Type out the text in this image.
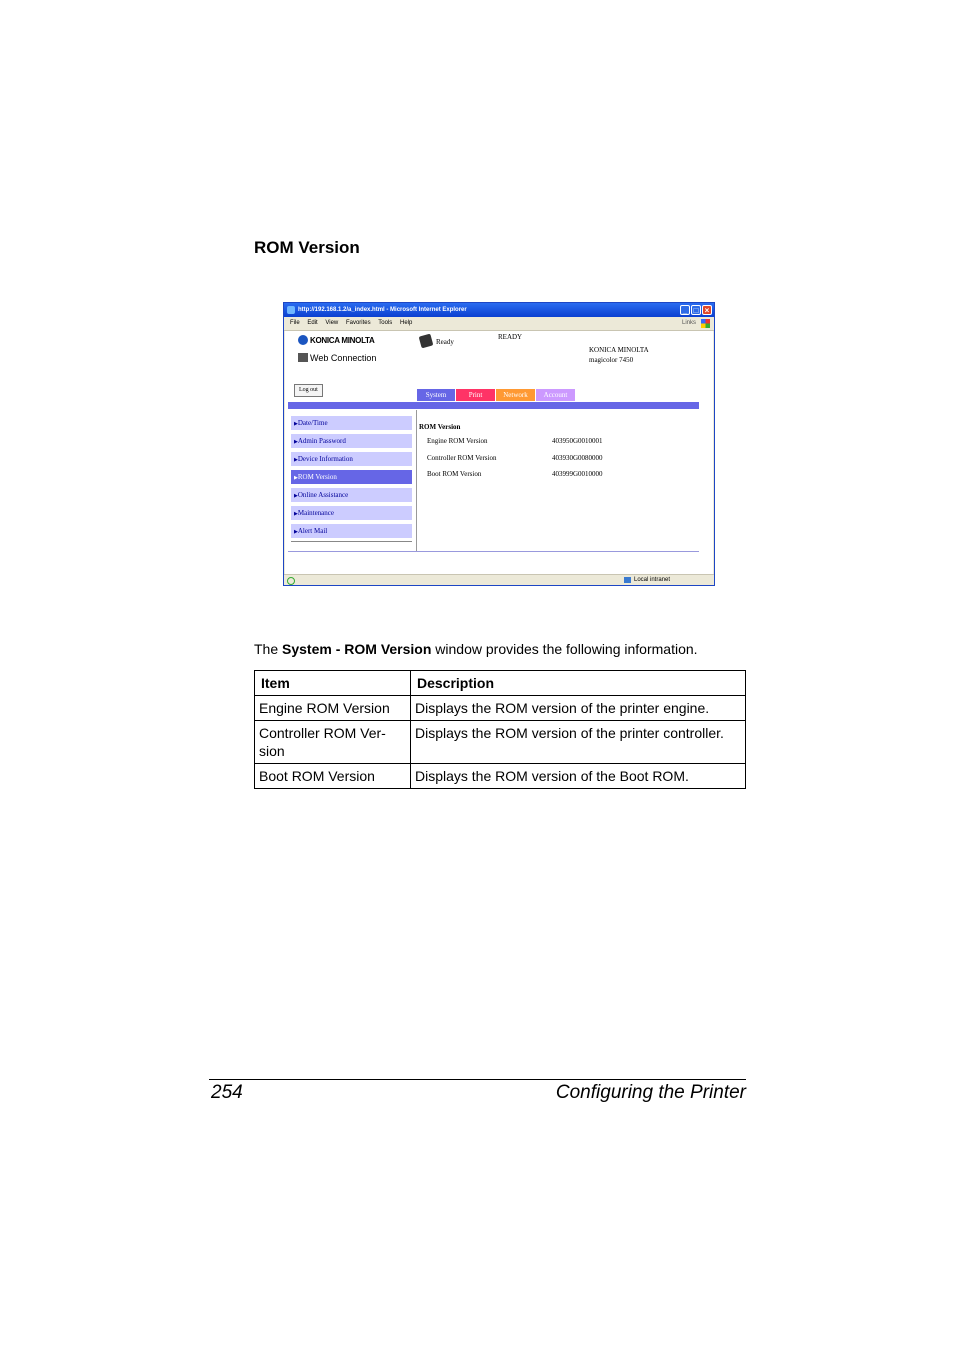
ROM Version
http://192.168.1.2/a_index.html - Microsoft Internet Explorer	_ □ ×
File Edit View Favorites Tools Help	Links
KONICA MINOLTA
Web Connection
Ready
READY
KONICA MINOLTA
magicolor 7450
Log out
System	Print	Network	Account
▶Date/Time
▶Admin Password
▶Device Information
▶ROM Version
▶Online Assistance
▶Maintenance
▶Alert Mail
ROM Version
Engine ROM Version	403950G0010001
Controller ROM Version	403930G0080000
Boot ROM Version	403999G0010000
Local intranet
The System - ROM Version window provides the following information.
Item	Description
Engine ROM Version	Displays the ROM version of the printer engine.
Controller ROM Ver-
sion	Displays the ROM version of the printer controller.
Boot ROM Version	Displays the ROM version of the Boot ROM.
254	Configuring the Printer
